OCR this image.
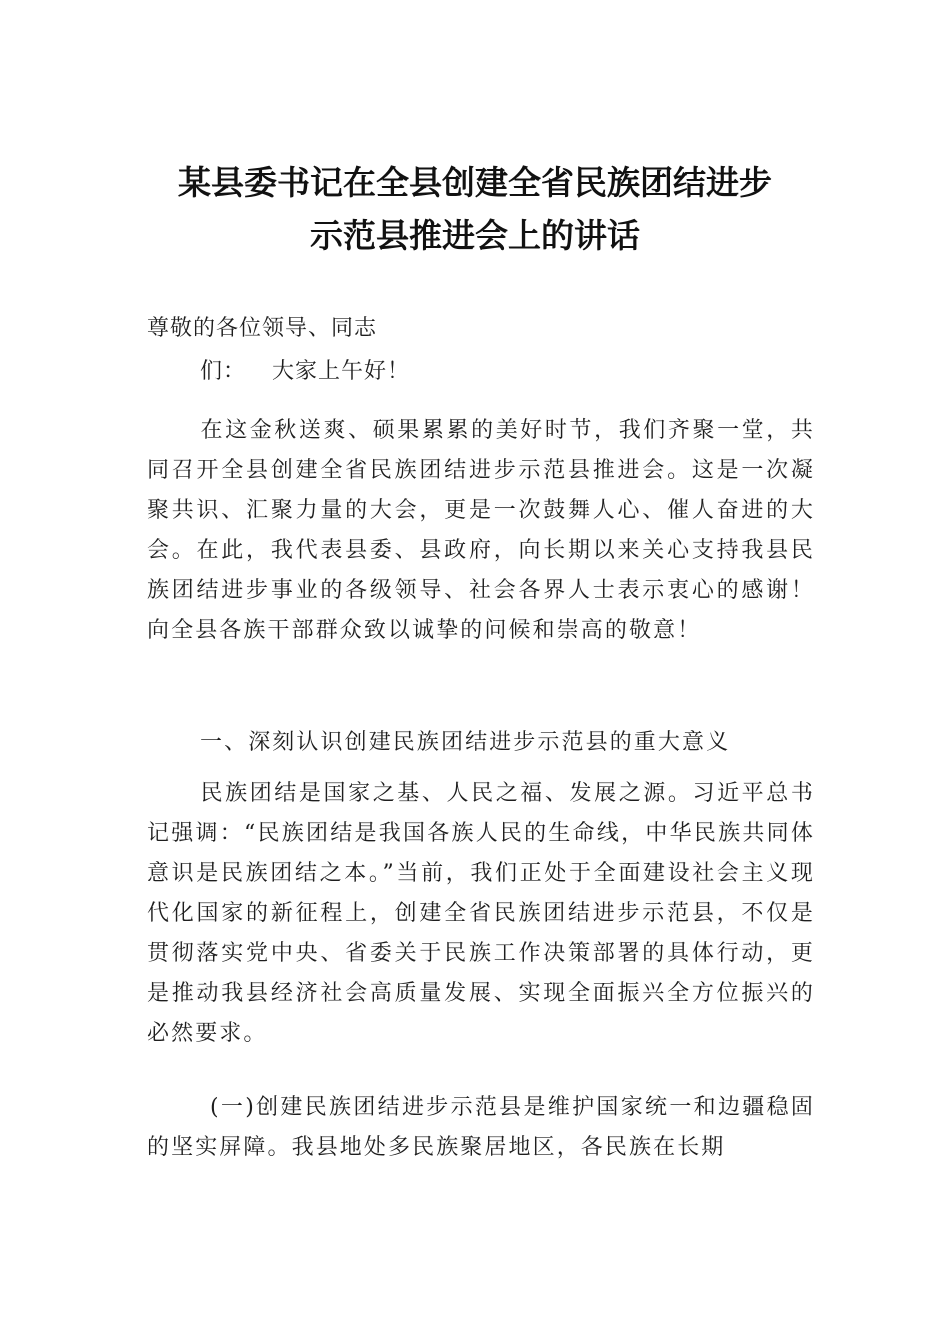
某县委书记在全县创建全省民族团结进步
示范县推进会上的讲话
尊敬的各位领导、同志
们： 大家上午好！
在这金秋送爽、硕果累累的美好时节，我们齐聚一堂，共同召开全县创建全省民族团结进步示范县推进会。这是一次凝聚共识、汇聚力量的大会，更是一次鼓舞人心、催人奋进的大会。在此，我代表县委、县政府，向长期以来关心支持我县民族团结进步事业的各级领导、社会各界人士表示衷心的感谢！向全县各族干部群众致以诚挚的问候和崇高的敬意！
一、深刻认识创建民族团结进步示范县的重大意义
民族团结是国家之基、人民之福、发展之源。习近平总书记强调：“民族团结是我国各族人民的生命线，中华民族共同体意识是民族团结之本。”当前，我们正处于全面建设社会主义现代化国家的新征程上，创建全省民族团结进步示范县，不仅是贯彻落实党中央、省委关于民族工作决策部署的具体行动，更是推动我县经济社会高质量发展、实现全面振兴全方位振兴的必然要求。
(一)创建民族团结进步示范县是维护国家统一和边疆稳固的坚实屏障。我县地处多民族聚居地区，各民族在长期
